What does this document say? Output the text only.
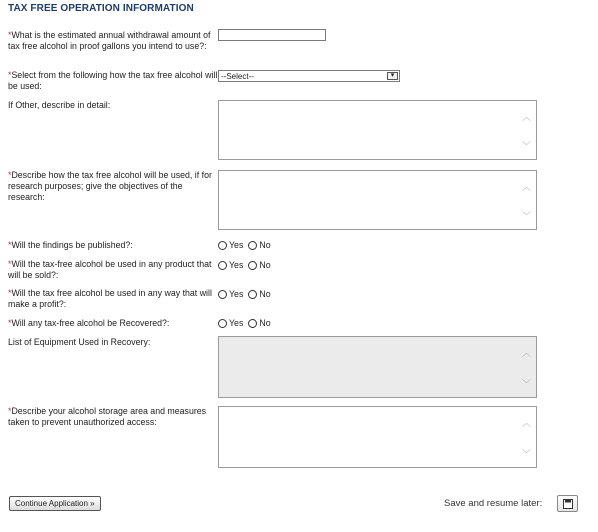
TAX FREE OPERATION INFORMATION
*What is the estimated annual withdrawal amount of tax free alcohol in proof gallons you intend to use?:
*Select from the following how the tax free alcohol will be used:
--Select--	▾
If Other, describe in detail:
︿
﹀
*Describe how the tax free alcohol will be used, if for research purposes; give the objectives of the research:
︿
﹀
*Will the findings be published?:	Yes No
*Will the tax-free alcohol be used in any product that will be sold?:
Yes No
*Will the tax free alcohol be used in any way that will make a profit?:
Yes No
*Will any tax-free alcohol be Recovered?:	Yes No
List of Equipment Used in Recovery:
︿
﹀
*Describe your alcohol storage area and measures taken to prevent unauthorized access:	︿
﹀
Continue Application »	Save and resume later:
